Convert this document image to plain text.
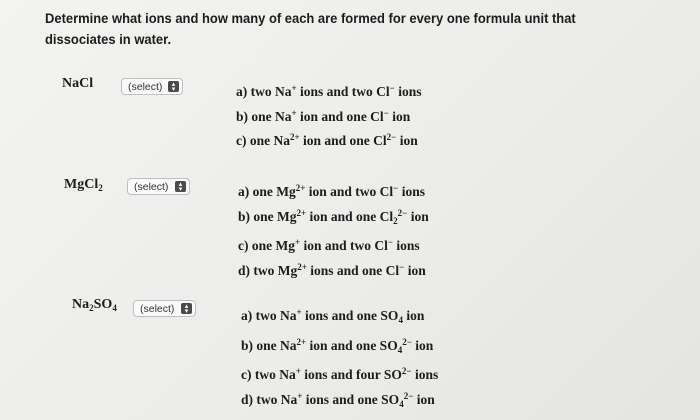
Determine what ions and how many of each are formed for every one formula unit that dissociates in water.
NaCl	(select)	▴
▾	a) two Na+ ions and two Cl− ions
b) one Na+ ion and one Cl− ion
c) one $Na^{2+}$ ion and one $Cl^{2-}$ ion
MgCl$_2$	(select)	▴
▾	a) one $Mg^{2+}$ ion and two Cl− ions
b) one $Mg^{2+}$ ion and one $Cl_2^{2-}$ ion
c) one Mg+ ion and two Cl− ions
d) two $Mg^{2+}$ ions and one Cl− ion
$Na_2SO_4$ (select)	▴
▾	a) two Na+ ions and one $SO_4$ ion
b) one $Na^{2+}$ ion and one $SO_4^{2-}$ ion
c) two Na+ ions and four $SO^{2-}$ ions
d) two Na+ ions and one $SO_4^{2-}$ ion
